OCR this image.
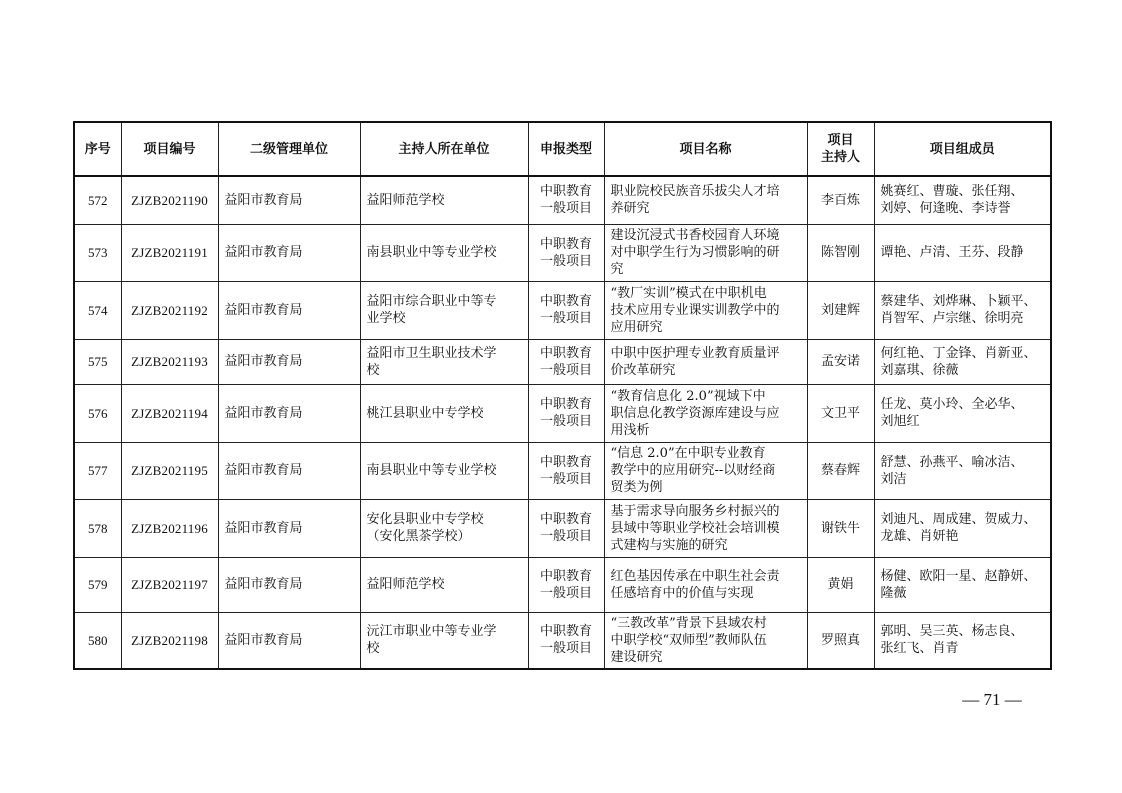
序号	项目编号	二级管理单位	主持人所在单位	申报类型	项目名称	项目
主持人	项目组成员
572	ZJZB2021190	益阳市教育局	益阳师范学校	中职教育
一般项目	职业院校民族音乐拔尖人才培
养研究	李百炼	姚赛红、曹璇、张任翔、
刘婷、何逢晚、李诗誉
573	ZJZB2021191	益阳市教育局	南县职业中等专业学校	中职教育
一般项目	建设沉浸式书香校园育人环境
对中职学生行为习惯影响的研
究	陈智刚	谭艳、卢清、王芬、段静
574	ZJZB2021192	益阳市教育局	益阳市综合职业中等专
业学校	中职教育
一般项目	“教厂实训”模式在中职机电
技术应用专业课实训教学中的
应用研究	刘建辉	蔡建华、刘烨琳、卜颖平、
肖智军、卢宗继、徐明亮
575	ZJZB2021193	益阳市教育局	益阳市卫生职业技术学
校	中职教育
一般项目	中职中医护理专业教育质量评
价改革研究	孟安诺	何红艳、丁金锋、肖新亚、
刘嘉琪、徐薇
576	ZJZB2021194	益阳市教育局	桃江县职业中专学校	中职教育
一般项目	“教育信息化 2.0”视域下中
职信息化教学资源库建设与应
用浅析	文卫平	任龙、莫小玲、全必华、
刘旭红
577	ZJZB2021195	益阳市教育局	南县职业中等专业学校	中职教育
一般项目	“信息 2.0”在中职专业教育
教学中的应用研究--以财经商
贸类为例	蔡春辉	舒慧、孙燕平、喻冰洁、
刘洁
578	ZJZB2021196	益阳市教育局	安化县职业中专学校
（安化黑茶学校）	中职教育
一般项目	基于需求导向服务乡村振兴的
县域中等职业学校社会培训模
式建构与实施的研究	谢铁牛	刘迪凡、周成建、贺威力、
龙雄、肖妍艳
579	ZJZB2021197	益阳市教育局	益阳师范学校	中职教育
一般项目	红色基因传承在中职生社会责
任感培育中的价值与实现	黄娟	杨健、欧阳一星、赵静妍、
隆薇
580	ZJZB2021198	益阳市教育局	沅江市职业中等专业学
校	中职教育
一般项目	“三教改革”背景下县域农村
中职学校“双师型”教师队伍
建设研究	罗照真	郭明、吴三英、杨志良、
张红飞、肖青
— 71 —
